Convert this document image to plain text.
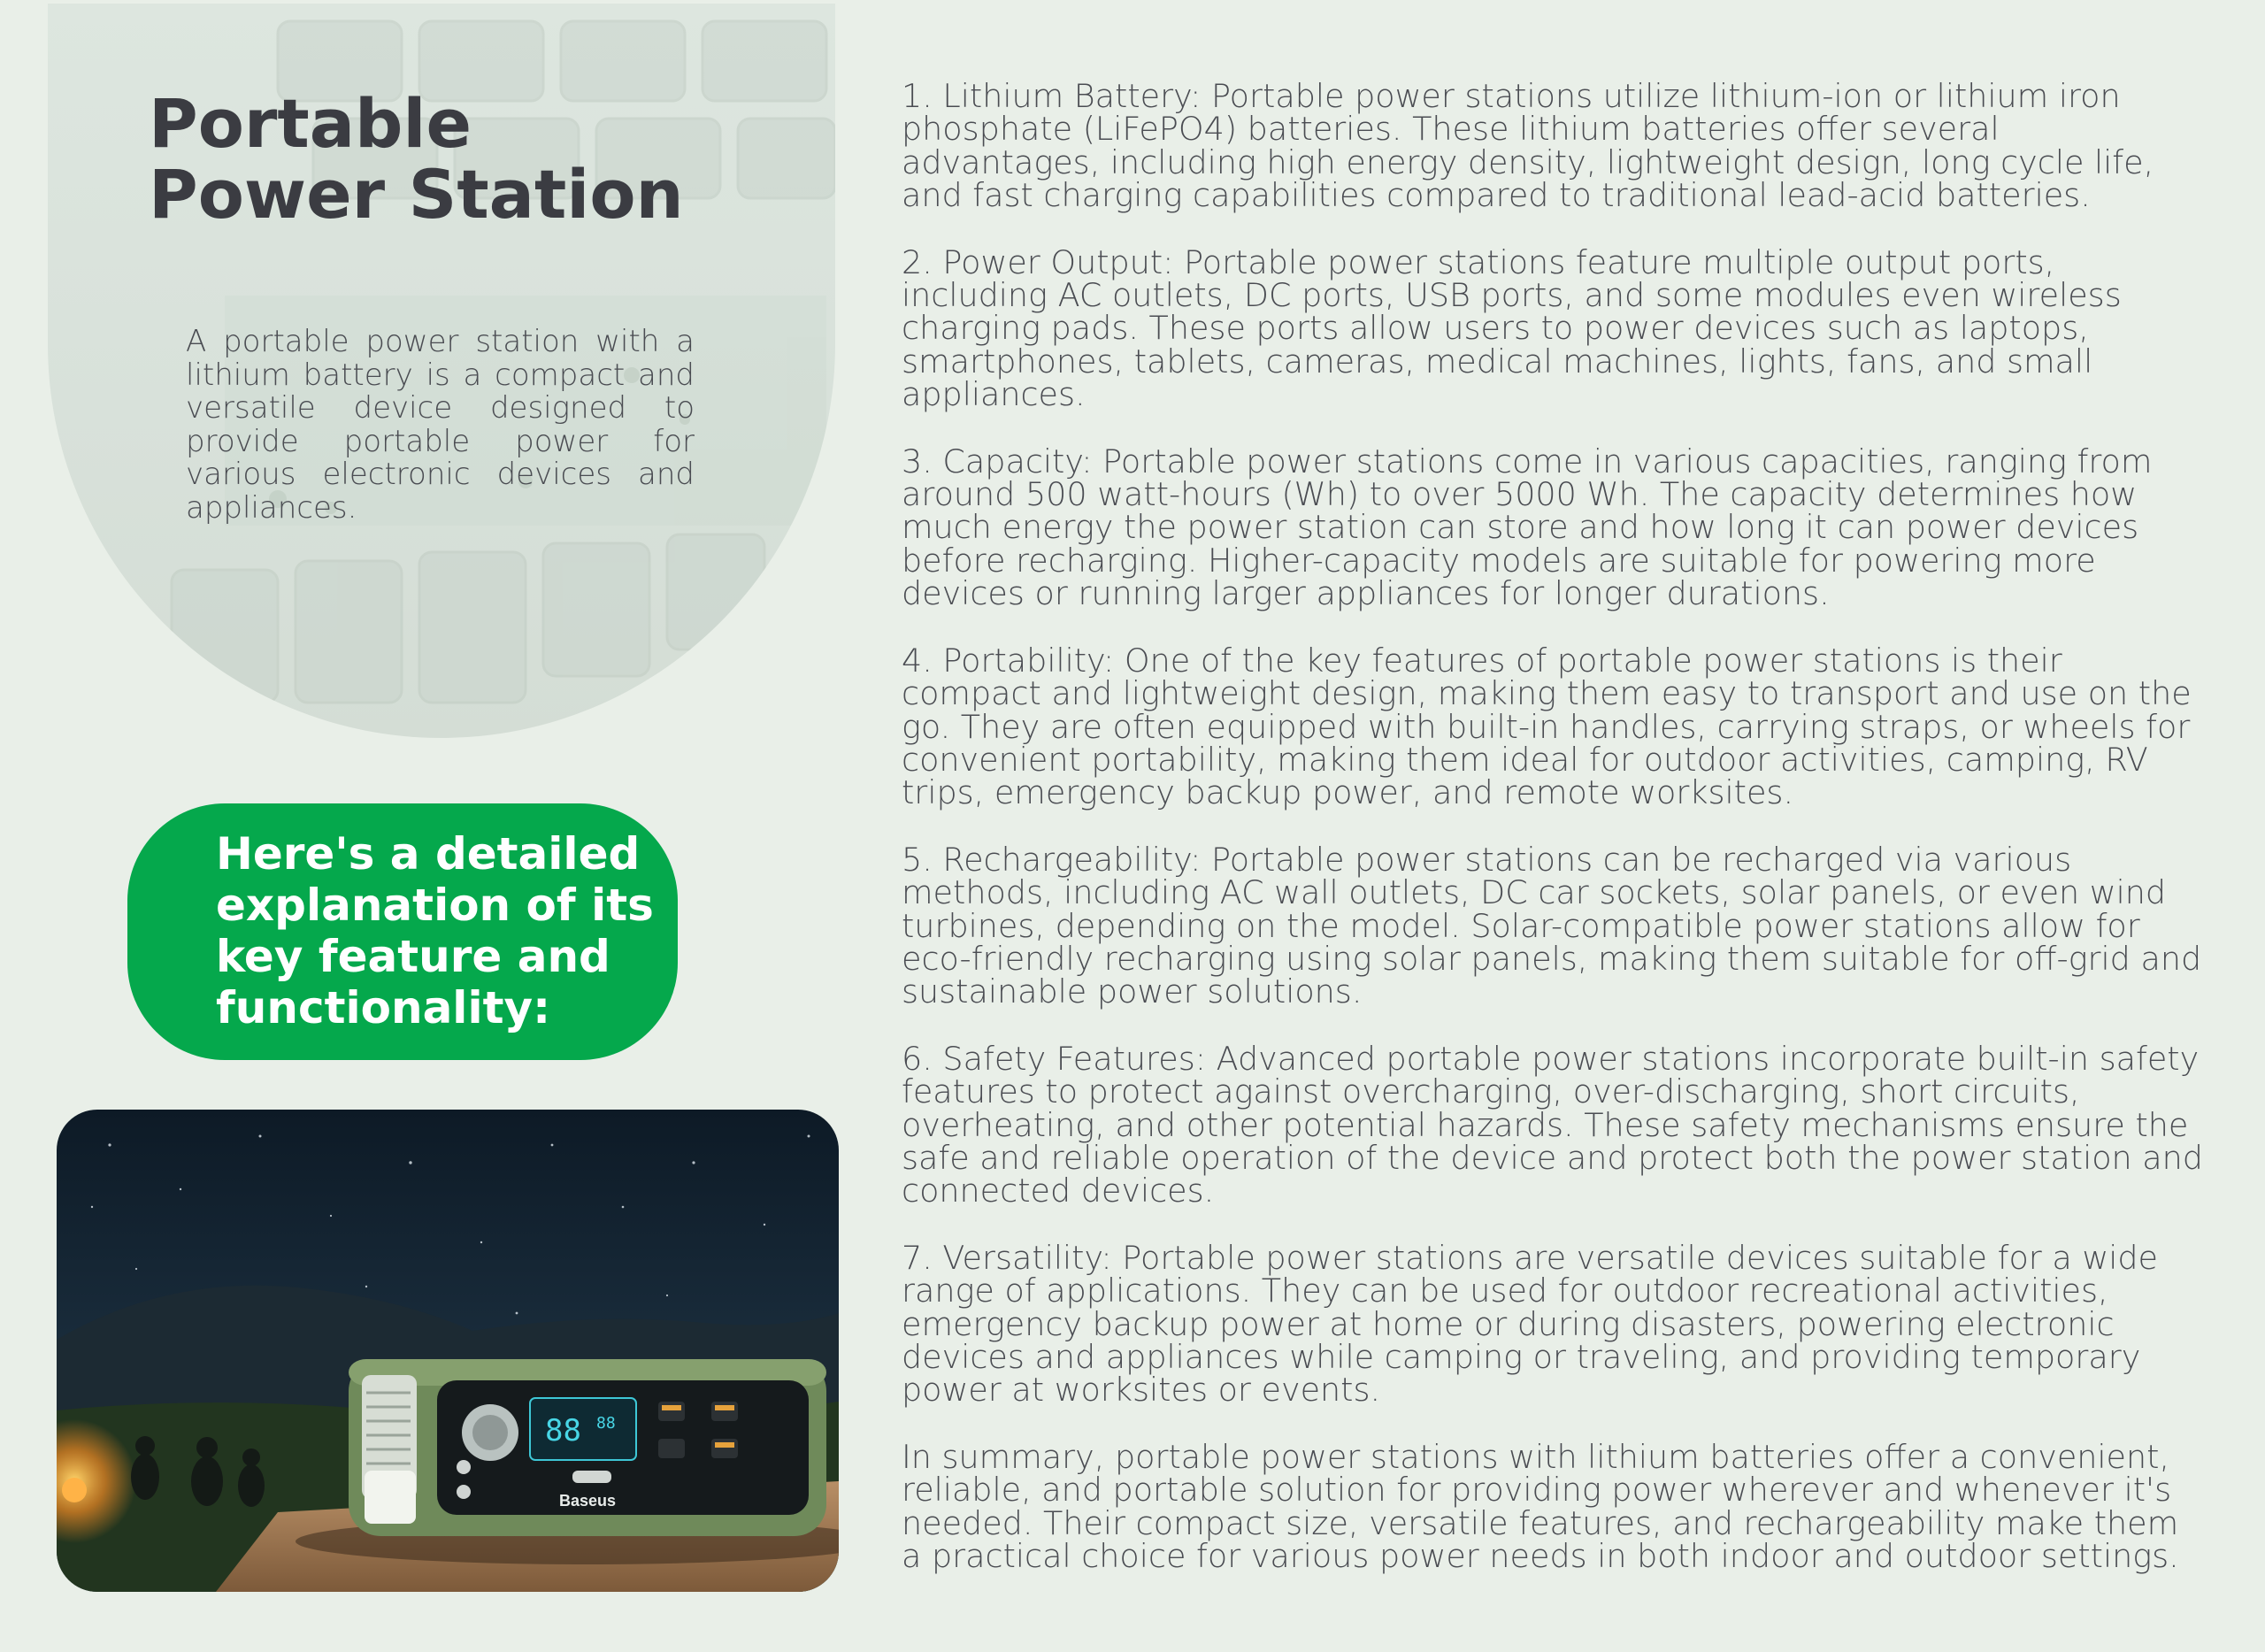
Portable
Power Station

A portable power station with a lithium battery is a compact and versatile device designed to provide portable power for various electronic devices and appliances.

Here's a detailed explanation of its key feature and functionality:

88 88
Baseus

1. Lithium Battery: Portable power stations utilize lithium-ion or lithium iron phosphate (LiFePO4) batteries. These lithium batteries offer several advantages, including high energy density, lightweight design, long cycle life, and fast charging capabilities compared to traditional lead-acid batteries.

2. Power Output: Portable power stations feature multiple output ports, including AC outlets, DC ports, USB ports, and some modules even wireless charging pads. These ports allow users to power devices such as laptops, smartphones, tablets, cameras, medical machines, lights, fans, and small appliances.

3. Capacity: Portable power stations come in various capacities, ranging from around 500 watt-hours (Wh) to over 5000 Wh. The capacity determines how much energy the power station can store and how long it can power devices before recharging. Higher-capacity models are suitable for powering more devices or running larger appliances for longer durations.

4. Portability: One of the key features of portable power stations is their compact and lightweight design, making them easy to transport and use on the go. They are often equipped with built-in handles, carrying straps, or wheels for convenient portability, making them ideal for outdoor activities, camping, RV trips, emergency backup power, and remote worksites.

5. Rechargeability: Portable power stations can be recharged via various methods, including AC wall outlets, DC car sockets, solar panels, or even wind turbines, depending on the model. Solar-compatible power stations allow for eco-friendly recharging using solar panels, making them suitable for off-grid and sustainable power solutions.

6. Safety Features: Advanced portable power stations incorporate built-in safety features to protect against overcharging, over-discharging, short circuits, overheating, and other potential hazards. These safety mechanisms ensure the safe and reliable operation of the device and protect both the power station and connected devices.

7. Versatility: Portable power stations are versatile devices suitable for a wide range of applications. They can be used for outdoor recreational activities, emergency backup power at home or during disasters, powering electronic devices and appliances while camping or traveling, and providing temporary power at worksites or events.

In summary, portable power stations with lithium batteries offer a convenient, reliable, and portable solution for providing power wherever and whenever it's needed. Their compact size, versatile features, and rechargeability make them a practical choice for various power needs in both indoor and outdoor settings.
